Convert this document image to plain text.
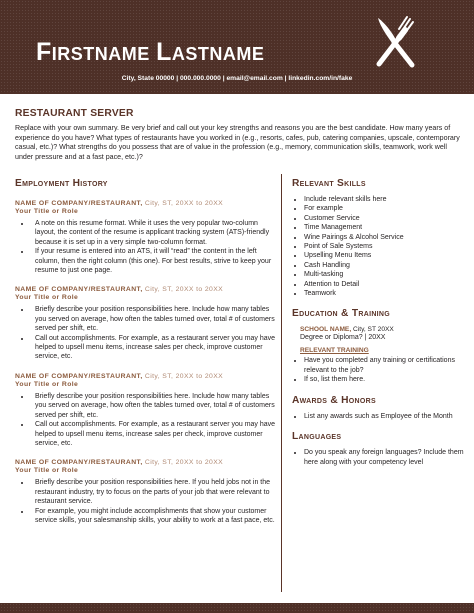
Firstname Lastname
City, State 00000 | 000.000.0000 | email@email.com | linkedin.com/in/fake
RESTAURANT SERVER
Replace with your own summary. Be very brief and call out your key strengths and reasons you are the best candidate. How many years of experience do you have? What types of restaurants have you worked in (e.g., resorts, cafes, pub, catering companies, upscale, contemporary casual, etc.)? What strengths do you possess that are of value in the profession (e.g., memory, communication skills, teamwork, work well under pressure and at a fast pace, etc.)?
Employment History
NAME OF COMPANY/RESTAURANT, City, ST, 20XX to 20XX
Your Title or Role
• A note on this resume format. While it uses the very popular two-column layout, the content of the resume is applicant tracking system (ATS)-friendly because it is set up in a very simple two-column format.
• If your resume is entered into an ATS, it will “read” the content in the left column, then the right column (this one). For best results, strive to keep your resume to just one page.
NAME OF COMPANY/RESTAURANT, City, ST, 20XX to 20XX
Your Title or Role
• Briefly describe your position responsibilities here. Include how many tables you served on average, how often the tables turned over, total # of customers served per shift, etc.
• Call out accomplishments. For example, as a restaurant server you may have helped to upsell menu items, increase sales per check, improve customer service, etc.
NAME OF COMPANY/RESTAURANT, City, ST, 20XX to 20XX
Your Title or Role
• Briefly describe your position responsibilities here. Include how many tables you served on average, how often the tables turned over, total # of customers served per shift, etc.
• Call out accomplishments. For example, as a restaurant server you may have helped to upsell menu items, increase sales per check, improve customer service, etc.
NAME OF COMPANY/RESTAURANT, City, ST, 20XX to 20XX
Your Title or Role
• Briefly describe your position responsibilities here. If you held jobs not in the restaurant industry, try to focus on the parts of your job that were relevant to restaurant service.
• For example, you might include accomplishments that show your customer service skills, your salesmanship skills, your ability to work at a fast pace, etc.
Relevant Skills
• Include relevant skills here
• For example
• Customer Service
• Time Management
• Wine Pairings & Alcohol Service
• Point of Sale Systems
• Upselling Menu Items
• Cash Handling
• Multi-tasking
• Attention to Detail
• Teamwork
Education & Training
SCHOOL NAME, City, ST 20XX
Degree or Diploma? | 20XX
RELEVANT TRAINING
• Have you completed any training or certifications relevant to the job?
• If so, list them here.
Awards & Honors
• List any awards such as Employee of the Month
Languages
• Do you speak any foreign languages? Include them here along with your competency level
